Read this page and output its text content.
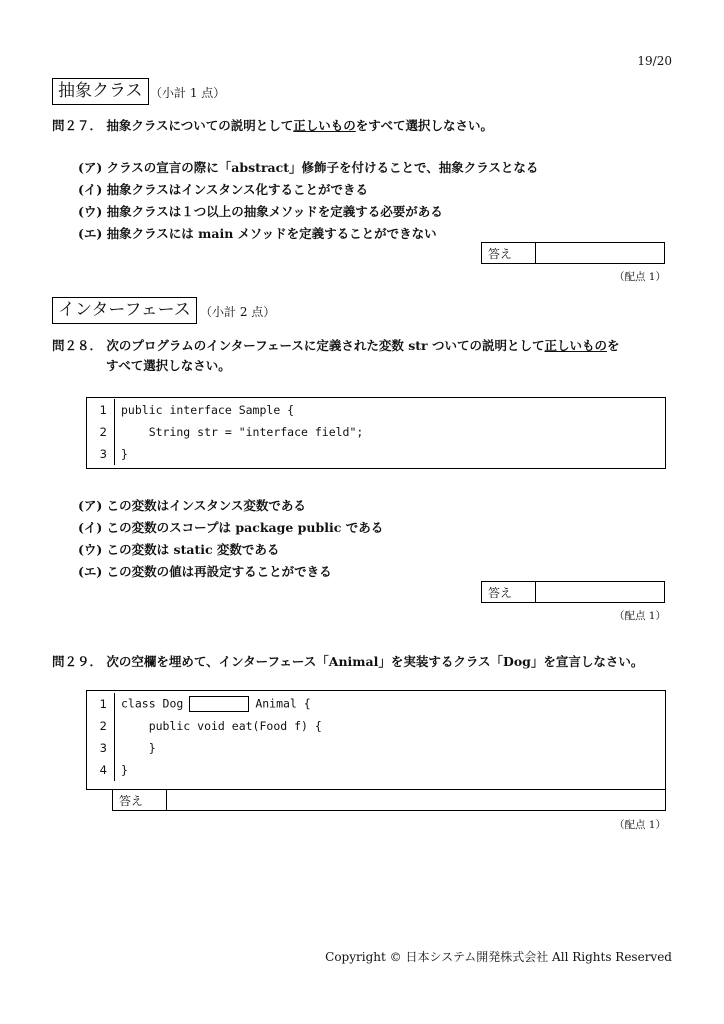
19/20
抽象クラス （小計 1 点）
問２７． 抽象クラスについての説明として正しいものをすべて選択しなさい。
(ア) クラスの宣言の際に「abstract」修飾子を付けることで、抽象クラスとなる
(イ) 抽象クラスはインスタンス化することができる
(ウ) 抽象クラスは１つ以上の抽象メソッドを定義する必要がある
(エ) 抽象クラスには main メソッドを定義することができない
答え
（配点 1）
インターフェース （小計 2 点）
問２８． 次のプログラムのインターフェースに定義された変数 str ついての説明として正しいものを
すべて選択しなさい。
1	public interface Sample {
2	String str = "interface field";
3	}
(ア) この変数はインスタンス変数である
(イ) この変数のスコープは package public である
(ウ) この変数は static 変数である
(エ) この変数の値は再設定することができる
答え
（配点 1）
問２９． 次の空欄を埋めて、インターフェース「Animal」を実装するクラス「Dog」を宣言しなさい。
1	class Dog	Animal {
2	public void eat(Food f) {
3	}
4	}
答え
（配点 1）
Copyright © 日本システム開発株式会社 All Rights Reserved
